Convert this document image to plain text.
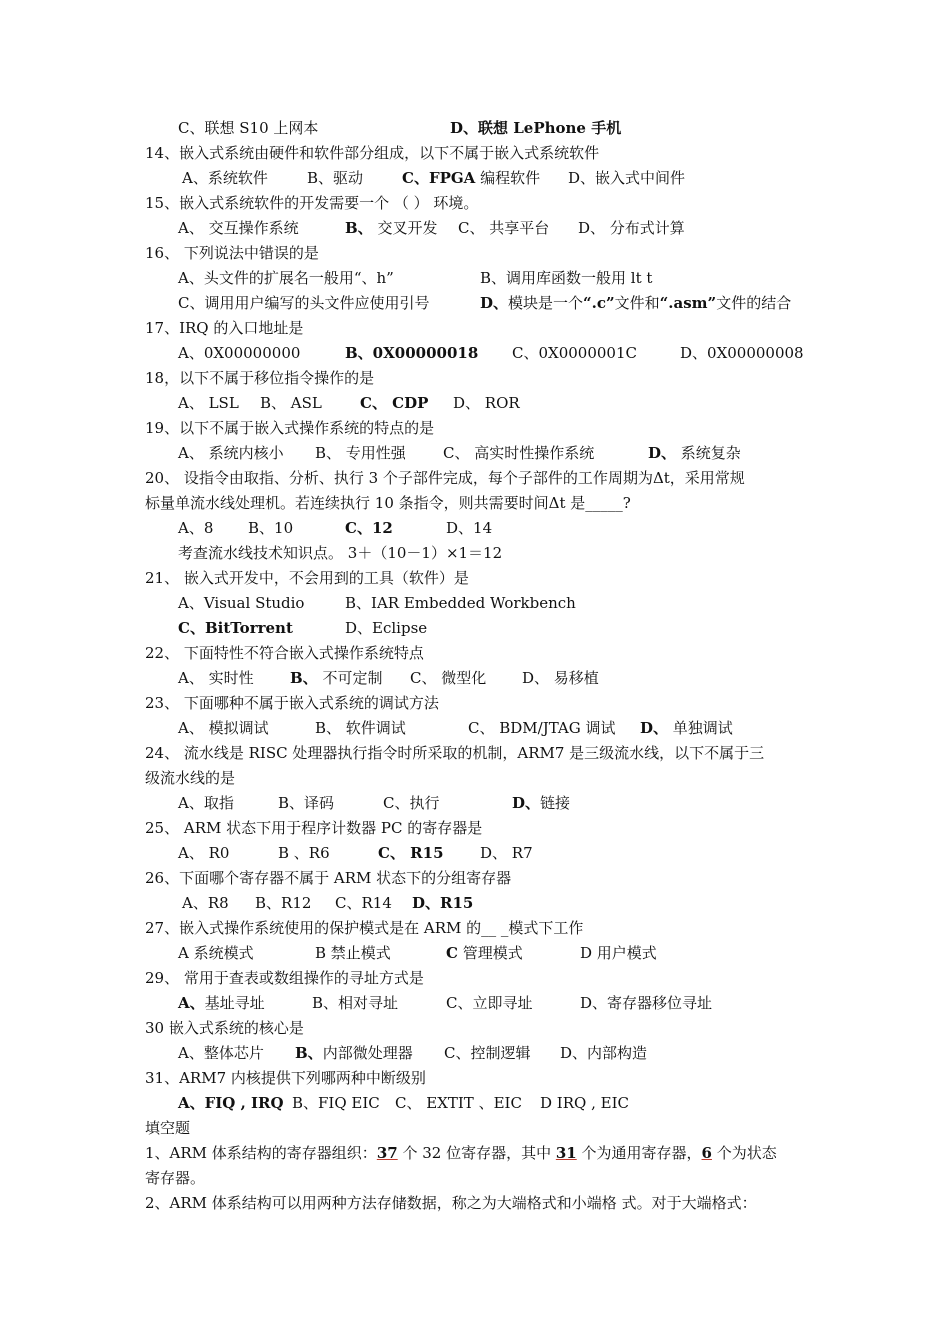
C、联想 S10 上网本	D、联想 LePhone 手机
14、嵌入式系统由硬件和软件部分组成，以下不属于嵌入式系统软件
A、系统软件	B、驱动	C、FPGA 编程软件 D、嵌入式中间件
15、嵌入式系统软件的开发需要一个 （ ） 环境。
A、 交互操作系统	B、 交叉开发 C、 共享平台 D、 分布式计算
16、 下列说法中错误的是
A、头文件的扩展名一般用“、h”	B、调用库函数一般用 lt t
C、调用用户编写的头文件应使用引号	D、模块是一个“.c”文件和“.asm”文件的结合
17、IRQ 的入口地址是
A、0X00000000	B、0X00000018 C、0X0000001C	D、0X00000008
18，以下不属于移位指令操作的是
A、 LSL B、 ASL	C、 CDP D、 ROR
19、以下不属于嵌入式操作系统的特点的是
A、 系统内核小 B、 专用性强 C、 高实时性操作系统	D、 系统复杂
20、 设指令由取指、分析、执行 3 个子部件完成，每个子部件的工作周期为Δt，采用常规
标量单流水线处理机。若连续执行 10 条指令，则共需要时间Δt 是_____?
A、8 B、10	C、12	D、14
考查流水线技术知识点。 3＋（10－1）×1＝12
21、 嵌入式开发中，不会用到的工具（软件）是
A、Visual Studio	B、IAR Embedded Workbench
C、BitTorrent	D、Eclipse
22、 下面特性不符合嵌入式操作系统特点
A、 实时性 B、 不可定制 C、 微型化 D、 易移植
23、 下面哪种不属于嵌入式系统的调试方法
A、 模拟调试	B、 软件调试	C、 BDM/JTAG 调试 D、 单独调试
24、 流水线是 RISC 处理器执行指令时所采取的机制，ARM7 是三级流水线，以下不属于三
级流水线的是
A、取指	B、译码	C、执行	D、链接
25、 ARM 状态下用于程序计数器 PC 的寄存器是
A、 R0	B 、R6	C、 R15 D、 R7
26、下面哪个寄存器不属于 ARM 状态下的分组寄存器
A、R8 B、R12 C、R14 D、R15
27、嵌入式操作系统使用的保护模式是在 ARM 的__ _模式下工作
A 系统模式	B 禁止模式	C 管理模式	D 用户模式
29、 常用于查表或数组操作的寻址方式是
A、基址寻址	B、相对寻址	C、立即寻址	D、寄存器移位寻址
30 嵌入式系统的核心是
A、整体芯片 B、内部微处理器 C、控制逻辑 D、内部构造
31、ARM7 内核提供下列哪两种中断级别
A、FIQ , IRQ B、FIQ EIC C、 EXTIT 、EIC D IRQ , EIC
填空题
1、ARM 体系结构的寄存器组织：37 个 32 位寄存器，其中 31 个为通用寄存器，6 个为状态
寄存器。
2、ARM 体系结构可以用两种方法存储数据，称之为大端格式和小端格 式。对于大端格式：
